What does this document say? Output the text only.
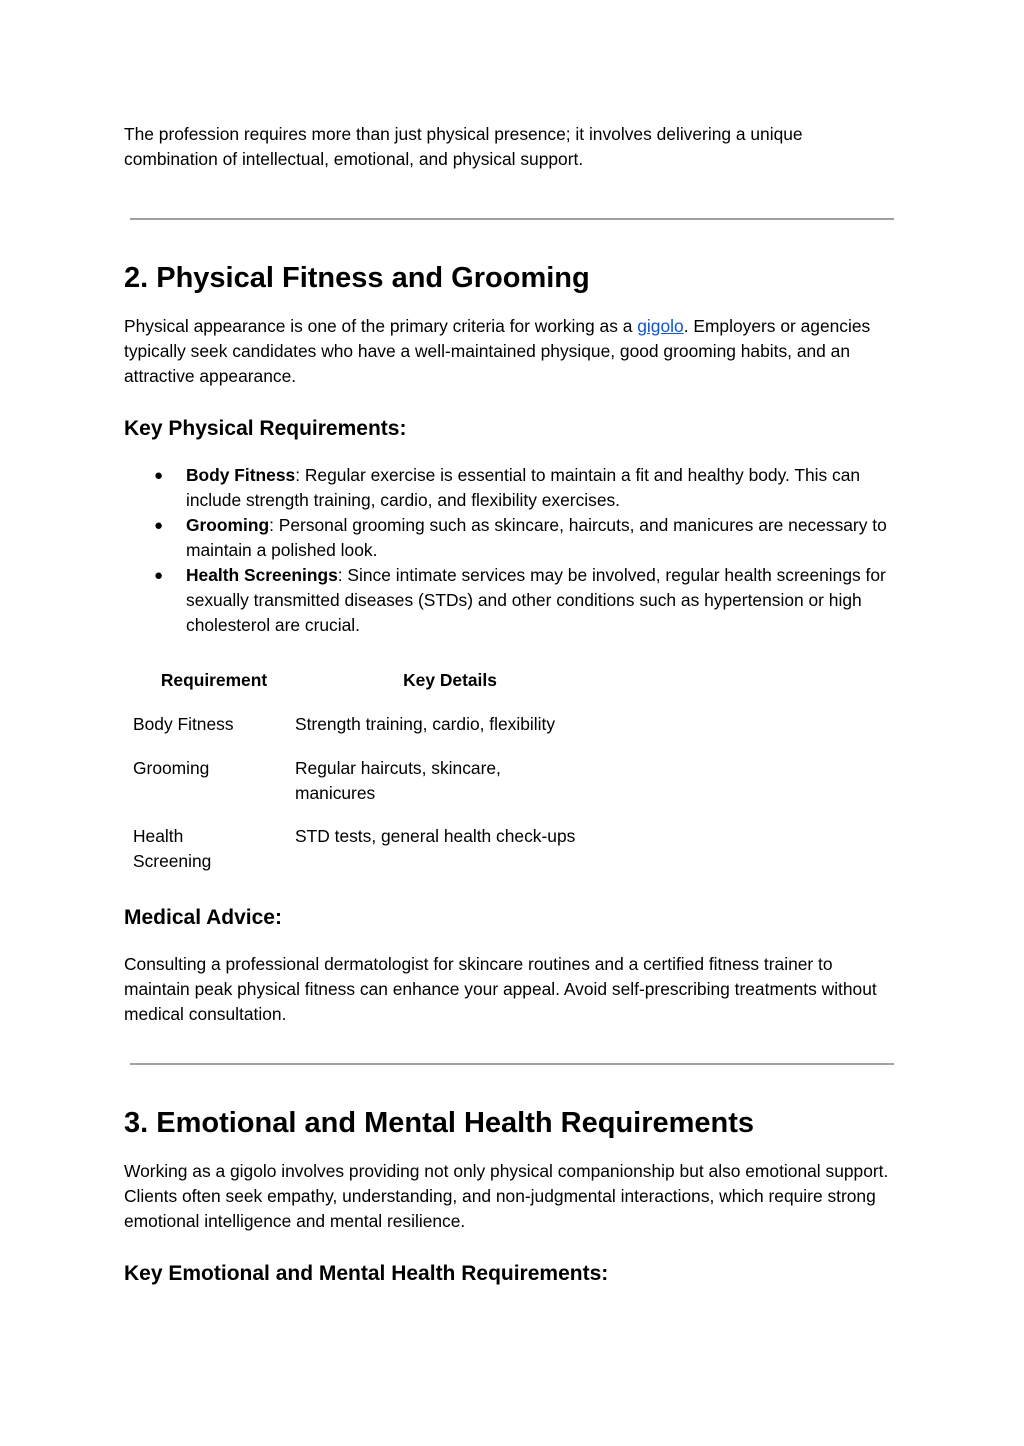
The profession requires more than just physical presence; it involves delivering a unique combination of intellectual, emotional, and physical support.

2. Physical Fitness and Grooming

Physical appearance is one of the primary criteria for working as a gigolo. Employers or agencies typically seek candidates who have a well-maintained physique, good grooming habits, and an attractive appearance.

Key Physical Requirements:
● Body Fitness: Regular exercise is essential to maintain a fit and healthy body. This can include strength training, cardio, and flexibility exercises.
● Grooming: Personal grooming such as skincare, haircuts, and manicures are necessary to maintain a polished look.
● Health Screenings: Since intimate services may be involved, regular health screenings for sexually transmitted diseases (STDs) and other conditions such as hypertension or high cholesterol are crucial.
Requirement	Key Details
Body Fitness	Strength training, cardio, flexibility
Grooming	Regular haircuts, skincare, manicures

Health Screening	STD tests, general health check-ups
Medical Advice:

Consulting a professional dermatologist for skincare routines and a certified fitness trainer to maintain peak physical fitness can enhance your appeal. Avoid self-prescribing treatments without medical consultation.

3. Emotional and Mental Health Requirements

Working as a gigolo involves providing not only physical companionship but also emotional support. Clients often seek empathy, understanding, and non-judgmental interactions, which require strong emotional intelligence and mental resilience.

Key Emotional and Mental Health Requirements:
